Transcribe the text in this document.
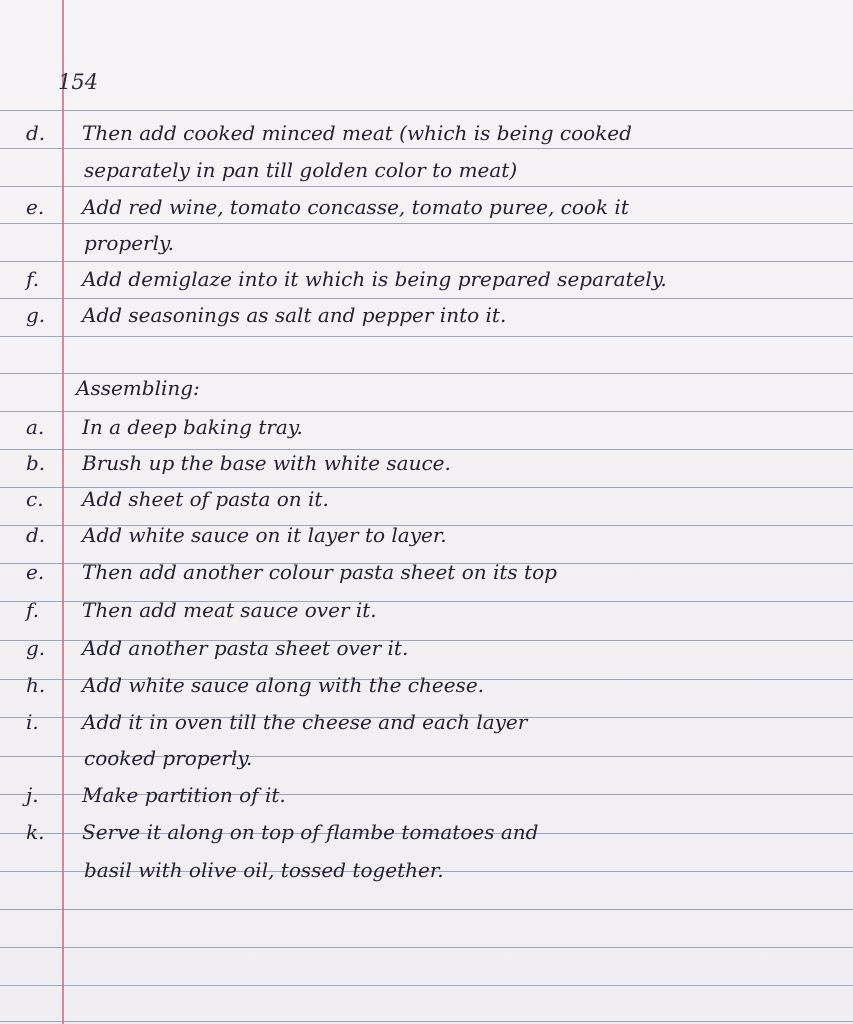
154
d.	Then add cooked minced meat (which is being cooked
separately in pan till golden color to meat)
e.	Add red wine, tomato concasse, tomato puree, cook it
properly.
f.	Add demiglaze into it which is being prepared separately.
g.	Add seasonings as salt and pepper into it.
Assembling:
a.	In a deep baking tray.
b.	Brush up the base with white sauce.
c.	Add sheet of pasta on it.
d.	Add white sauce on it layer to layer.
e.	Then add another colour pasta sheet on its top
f.	Then add meat sauce over it.
g.	Add another pasta sheet over it.
h.	Add white sauce along with the cheese.
i.	Add it in oven till the cheese and each layer
cooked properly.
j.	Make partition of it.
k.	Serve it along on top of flambe tomatoes and
basil with olive oil, tossed together.
